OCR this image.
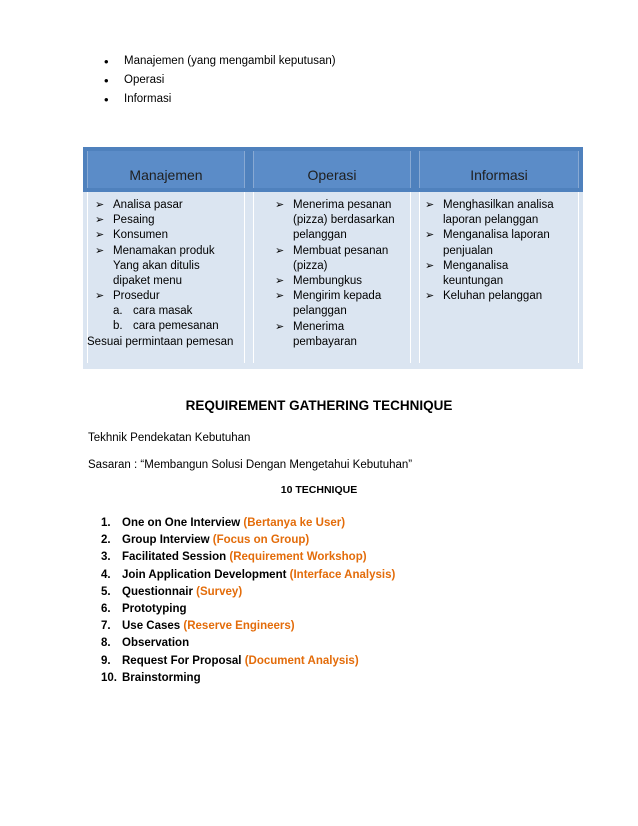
• Manajemen (yang mengambil keputusan)
• Operasi
• Informasi
Manajemen	Operasi	Informasi
➢ Analisa pasar
➢ Pesaing
➢ Konsumen
➢ Menamakan produk
Yang akan ditulis
dipaket menu
➢ Prosedur
a. cara masak
b. cara pemesanan
Sesuai permintaan pemesan
➢ Menerima pesanan
(pizza) berdasarkan
pelanggan
➢ Membuat pesanan
(pizza)
➢ Membungkus
➢ Mengirim kepada
pelanggan
➢ Menerima
pembayaran
➢ Menghasilkan analisa
laporan pelanggan
➢ Menganalisa laporan
penjualan
➢ Menganalisa
keuntungan
➢ Keluhan pelanggan
REQUIREMENT GATHERING TECHNIQUE
Tekhnik Pendekatan Kebutuhan
Sasaran : “Membangun Solusi Dengan Mengetahui Kebutuhan”
10 TECHNIQUE
1. One on One Interview (Bertanya ke User)
2. Group Interview (Focus on Group)
3. Facilitated Session (Requirement Workshop)
4. Join Application Development (Interface Analysis)
5. Questionnair (Survey)
6. Prototyping
7. Use Cases (Reserve Engineers)
8. Observation
9. Request For Proposal (Document Analysis)
10. Brainstorming
